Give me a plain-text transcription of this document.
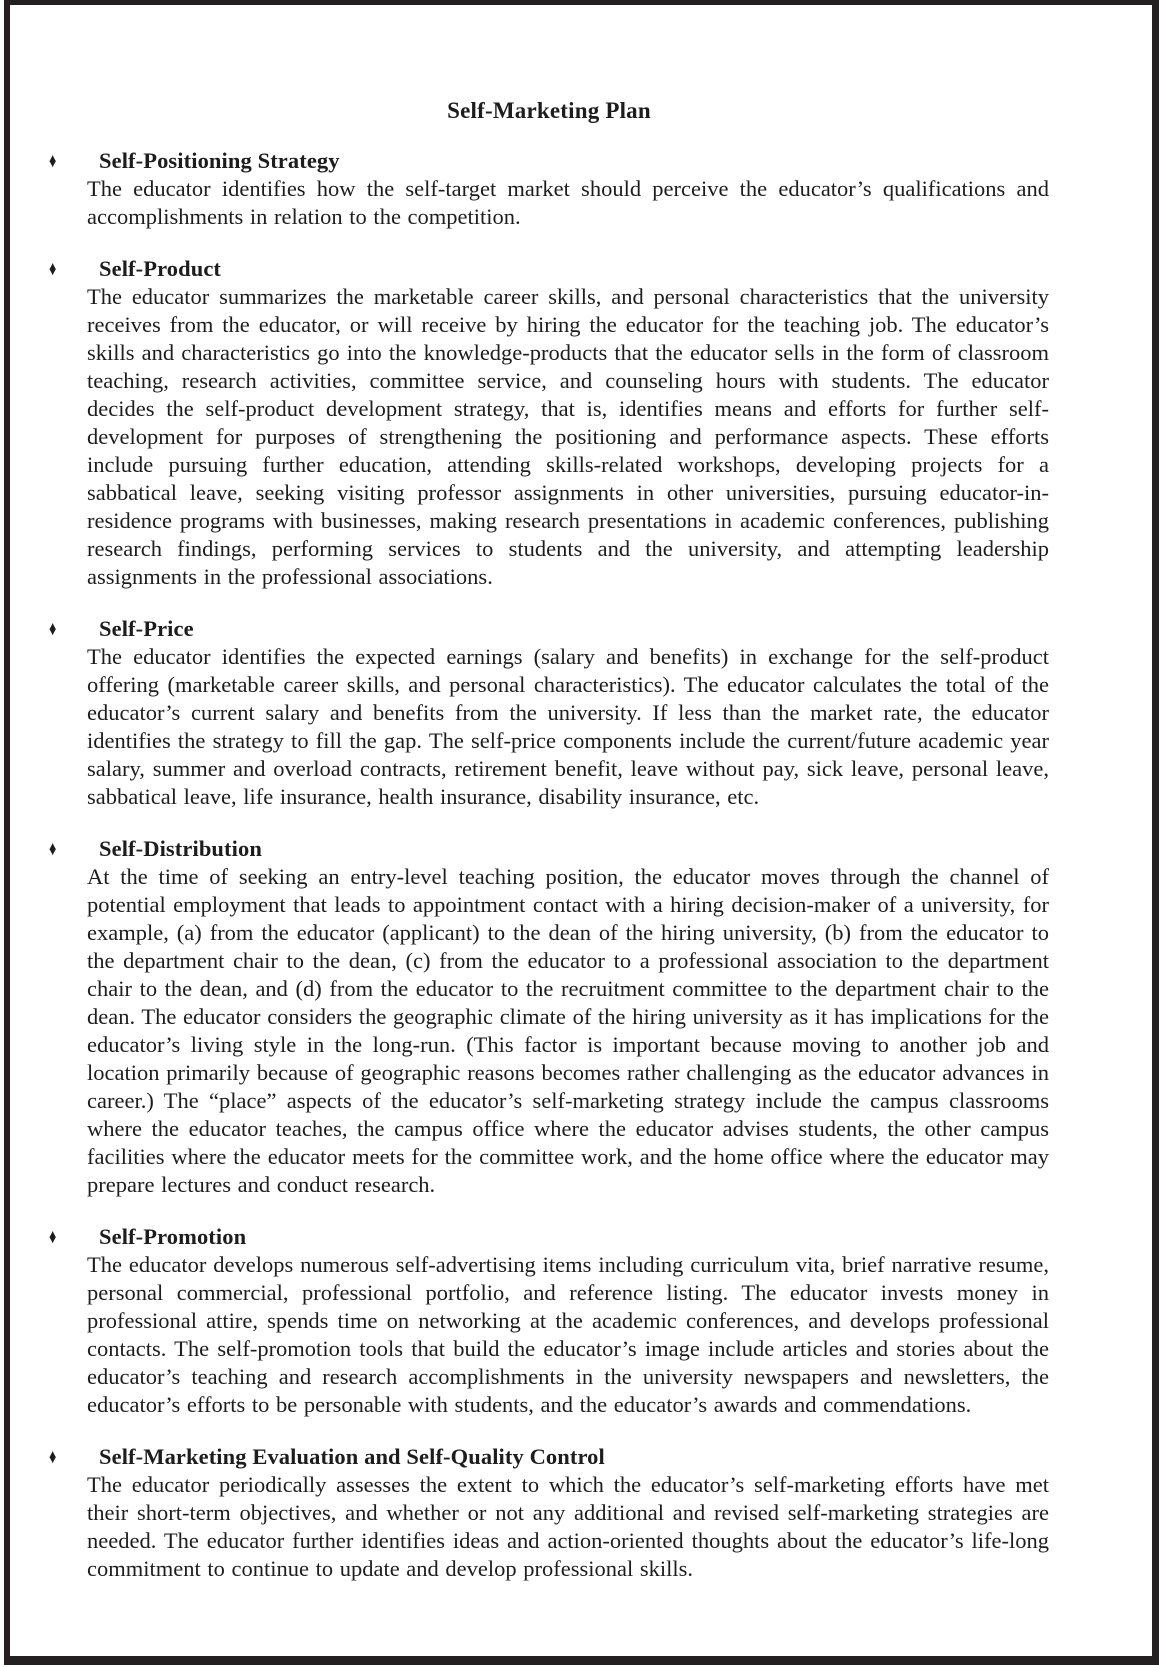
Self-Marketing Plan
♦	Self-Positioning Strategy

The educator identifies how the self-target market should perceive the educator’s qualifications and accomplishments in relation to the competition.

♦	Self-Product

The educator summarizes the marketable career skills, and personal characteristics that the university receives from the educator, or will receive by hiring the educator for the teaching job. The educator’s skills and characteristics go into the knowledge-products that the educator sells in the form of classroom teaching, research activities, committee service, and counseling hours with students. The educator decides the self-product development strategy, that is, identifies means and efforts for further self-development for purposes of strengthening the positioning and performance aspects. These efforts include pursuing further education, attending skills-related workshops, developing projects for a sabbatical leave, seeking visiting professor assignments in other universities, pursuing educator-in-residence programs with businesses, making research presentations in academic conferences, publishing research findings, performing services to students and the university, and attempting leadership assignments in the professional associations.

♦	Self-Price

The educator identifies the expected earnings (salary and benefits) in exchange for the self-product offering (marketable career skills, and personal characteristics). The educator calculates the total of the educator’s current salary and benefits from the university. If less than the market rate, the educator identifies the strategy to fill the gap. The self-price components include the current/future academic year salary, summer and overload contracts, retirement benefit, leave without pay, sick leave, personal leave, sabbatical leave, life insurance, health insurance, disability insurance, etc.

♦	Self-Distribution

At the time of seeking an entry-level teaching position, the educator moves through the channel of potential employment that leads to appointment contact with a hiring decision-maker of a university, for example, (a) from the educator (applicant) to the dean of the hiring university, (b) from the educator to the department chair to the dean, (c) from the educator to a professional association to the department chair to the dean, and (d) from the educator to the recruitment committee to the department chair to the dean. The educator considers the geographic climate of the hiring university as it has implications for the educator’s living style in the long-run. (This factor is important because moving to another job and location primarily because of geographic reasons becomes rather challenging as the educator advances in career.) The “place” aspects of the educator’s self-marketing strategy include the campus classrooms where the educator teaches, the campus office where the educator advises students, the other campus facilities where the educator meets for the committee work, and the home office where the educator may prepare lectures and conduct research.

♦	Self-Promotion

The educator develops numerous self-advertising items including curriculum vita, brief narrative resume, personal commercial, professional portfolio, and reference listing. The educator invests money in professional attire, spends time on networking at the academic conferences, and develops professional contacts. The self-promotion tools that build the educator’s image include articles and stories about the educator’s teaching and research accomplishments in the university newspapers and newsletters, the educator’s efforts to be personable with students, and the educator’s awards and commendations.

♦	Self-Marketing Evaluation and Self-Quality Control

The educator periodically assesses the extent to which the educator’s self-marketing efforts have met their short-term objectives, and whether or not any additional and revised self-marketing strategies are needed. The educator further identifies ideas and action-oriented thoughts about the educator’s life-long commitment to continue to update and develop professional skills.
